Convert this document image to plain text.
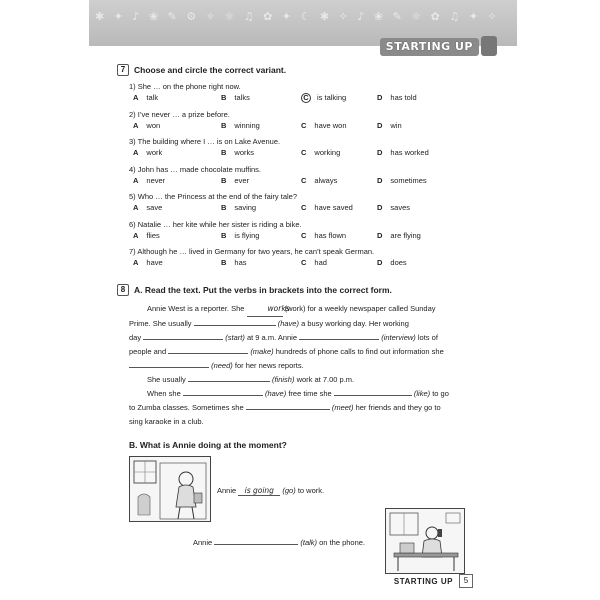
✱ ✦ ♪ ❀ ✎ ⚙ ✧ ☼ ♫ ✿ ✦ ☾ ✱ ✧ ♪ ❀ ✎ ☼ ✿ ♫ ✦ ✧
STARTING UP
7	Choose and circle the correct variant.
1) She … on the phone right now.
A talk	B talks	C is talking	D has told
2) I’ve never … a prize before.
A won	B winning	C have won	D win
3) The building where I … is on Lake Avenue.
A work	B works	C working	D has worked
4) John has … made chocolate muffins.
A never	B ever	C always	D sometimes
5) Who … the Princess at the end of the fairy tale?
A save	B saving	C have saved	D saves
6) Natalie … her kite while her sister is riding a bike.
A flies	B is flying	C has flown	D are flying
7) Although he … lived in Germany for two years, he can’t speak German.
A have	B has	C had	D does
8	A. Read the text. Put the verbs in brackets into the correct form.
Annie West is a reporter. She	works (work) for a weekly newspaper called Sunday
Prime. She usually	(have) a busy working day. Her working
day	(start) at 9 a.m. Annie	(interview) lots of
people and	(make) hundreds of phone calls to find out information she
(need) for her news reports.
She usually	(finish) work at 7.00 p.m.
When she	(have) free time she	(like) to go
to Zumba classes. Sometimes she	(meet) her friends and they go to
sing karaoke in a club.
B. What is Annie doing at the moment?
Annie is going (go) to work.
Annie	(talk) on the phone.
STARTING UP	5
